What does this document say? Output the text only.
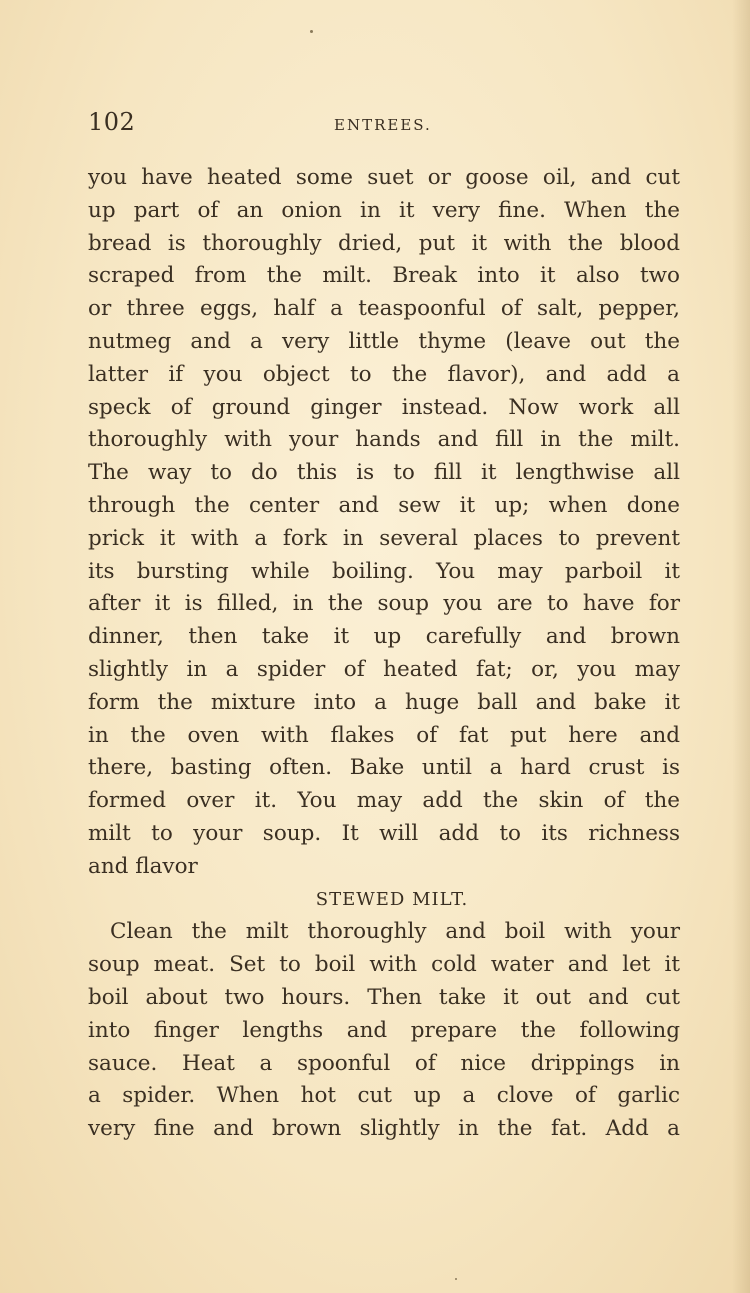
102	ENTREES.
you have heated some suet or goose oil, and cut
up part of an onion in it very fine. When the
bread is thoroughly dried, put it with the blood
scraped from the milt. Break into it also two
or three eggs, half a teaspoonful of salt, pepper,
nutmeg and a very little thyme (leave out the
latter if you object to the flavor), and add a
speck of ground ginger instead. Now work all
thoroughly with your hands and fill in the milt.
The way to do this is to fill it lengthwise all
through the center and sew it up; when done
prick it with a fork in several places to prevent
its bursting while boiling. You may parboil it
after it is filled, in the soup you are to have for
dinner, then take it up carefully and brown
slightly in a spider of heated fat; or, you may
form the mixture into a huge ball and bake it
in the oven with flakes of fat put here and
there, basting often. Bake until a hard crust is
formed over it. You may add the skin of the
milt to your soup. It will add to its richness
and flavor
STEWED MILT.
Clean the milt thoroughly and boil with your
soup meat. Set to boil with cold water and let it
boil about two hours. Then take it out and cut
into finger lengths and prepare the following
sauce. Heat a spoonful of nice drippings in
a spider. When hot cut up a clove of garlic
very fine and brown slightly in the fat. Add a
